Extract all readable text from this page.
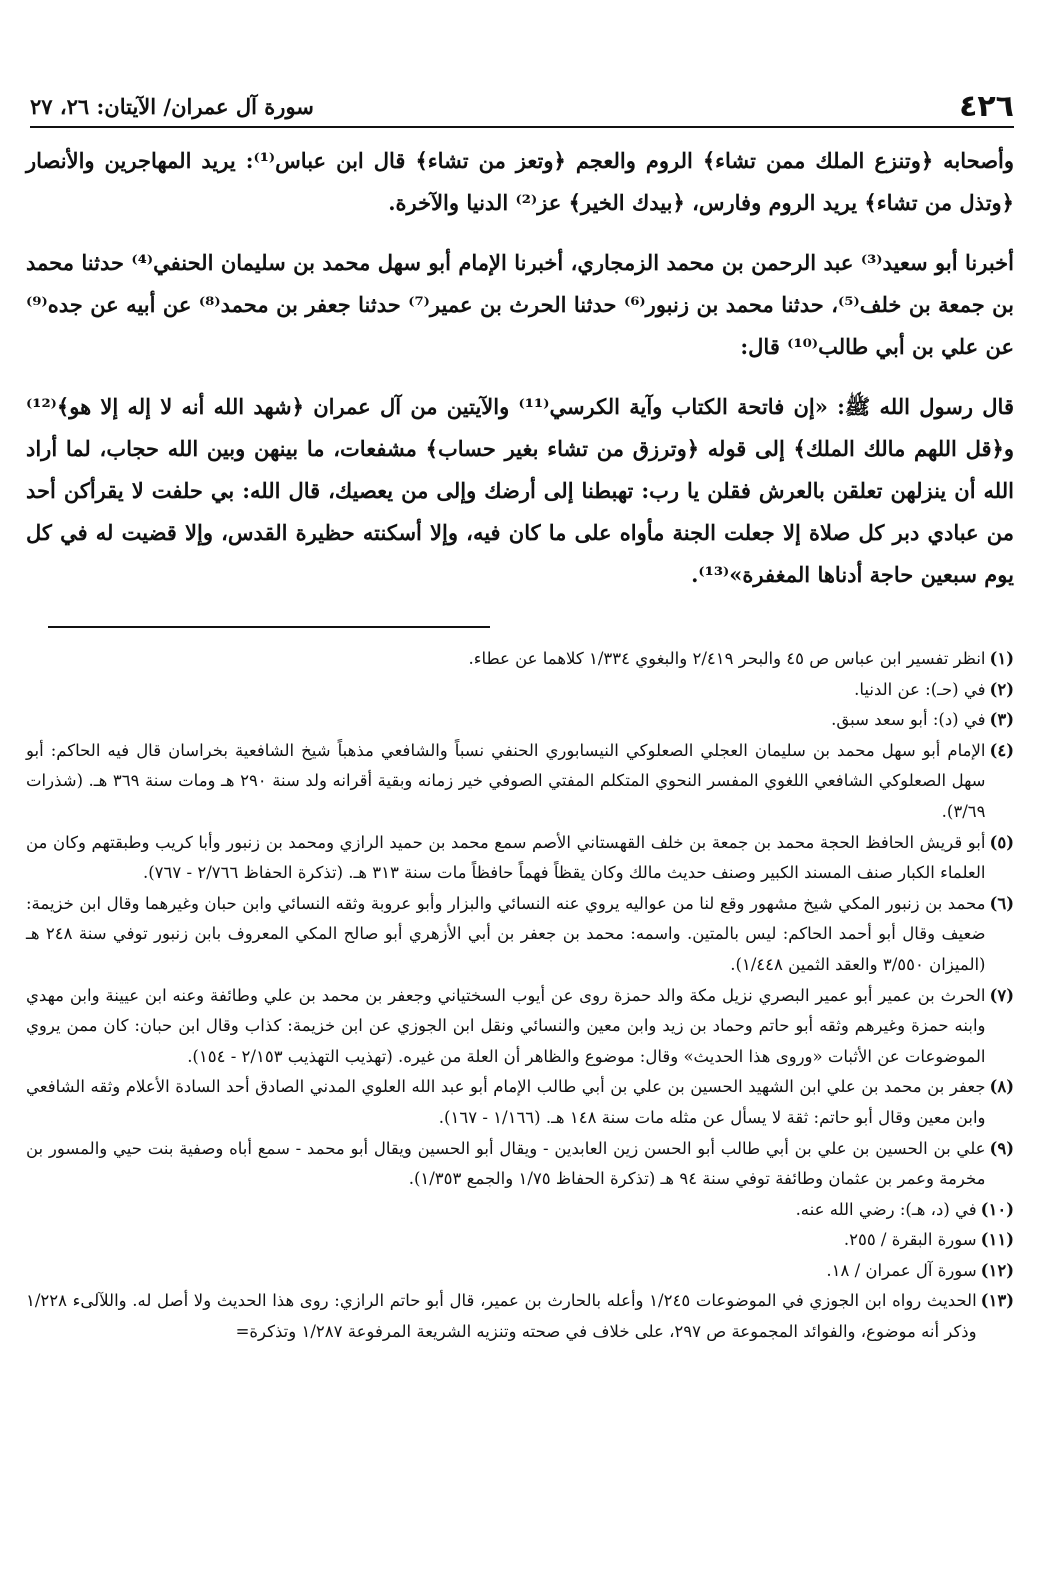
٤٢٦
سورة آل عمران/ الآيتان: ٢٦، ٢٧

وأصحابه ﴿وتنزع الملك ممن تشاء﴾ الروم والعجم ﴿وتعز من تشاء﴾ قال ابن عباس⁽¹⁾: يريد المهاجرين والأنصار ﴿وتذل من تشاء﴾ يريد الروم وفارس، ﴿بيدك الخير﴾ عز⁽²⁾ الدنيا والآخرة.

أخبرنا أبو سعيد⁽³⁾ عبد الرحمن بن محمد الزمجاري، أخبرنا الإمام أبو سهل محمد بن سليمان الحنفي⁽⁴⁾ حدثنا محمد بن جمعة بن خلف⁽⁵⁾، حدثنا محمد بن زنبور⁽⁶⁾ حدثنا الحرث بن عمير⁽⁷⁾ حدثنا جعفر بن محمد⁽⁸⁾ عن أبيه عن جده⁽⁹⁾ عن علي بن أبي طالب⁽¹⁰⁾ قال:

قال رسول الله ﷺ: «إن فاتحة الكتاب وآية الكرسي⁽¹¹⁾ والآيتين من آل عمران ﴿شهد الله أنه لا إله إلا هو﴾⁽¹²⁾ و﴿قل اللهم مالك الملك﴾ إلى قوله ﴿وترزق من تشاء بغير حساب﴾ مشفعات، ما بينهن وبين الله حجاب، لما أراد الله أن ينزلهن تعلقن بالعرش فقلن يا رب: تهبطنا إلى أرضك وإلى من يعصيك، قال الله: بي حلفت لا يقرأكن أحد من عبادي دبر كل صلاة إلا جعلت الجنة مأواه على ما كان فيه، وإلا أسكنته حظيرة القدس، وإلا قضيت له في كل يوم سبعين حاجة أدناها المغفرة»⁽¹³⁾.

(١)
انظر تفسير ابن عباس ص ٤٥ والبحر ٢/٤١٩ والبغوي ١/٣٣٤ كلاهما عن عطاء.
(٢)
في (حـ): عن الدنيا.
(٣)
في (د): أبو سعد سبق.
(٤)
الإمام أبو سهل محمد بن سليمان العجلي الصعلوكي النيسابوري الحنفي نسباً والشافعي مذهباً شيخ الشافعية بخراسان قال فيه الحاكم: أبو سهل الصعلوكي الشافعي اللغوي المفسر النحوي المتكلم المفتي الصوفي خير زمانه وبقية أقرانه ولد سنة ٢٩٠ هـ ومات سنة ٣٦٩ هـ. (شذرات ٣/٦٩).
(٥)
أبو قريش الحافظ الحجة محمد بن جمعة بن خلف القهستاني الأصم سمع محمد بن حميد الرازي ومحمد بن زنبور وأبا كريب وطبقتهم وكان من العلماء الكبار صنف المسند الكبير وصنف حديث مالك وكان يقظاً فهماً حافظاً مات سنة ٣١٣ هـ. (تذكرة الحفاظ ٢/٧٦٦ - ٧٦٧).
(٦)
محمد بن زنبور المكي شيخ مشهور وقع لنا من عواليه يروي عنه النسائي والبزار وأبو عروبة وثقه النسائي وابن حبان وغيرهما وقال ابن خزيمة: ضعيف وقال أبو أحمد الحاكم: ليس بالمتين. واسمه: محمد بن جعفر بن أبي الأزهري أبو صالح المكي المعروف بابن زنبور توفي سنة ٢٤٨ هـ (الميزان ٣/٥٥٠ والعقد الثمين ١/٤٤٨).
(٧)
الحرث بن عمير أبو عمير البصري نزيل مكة والد حمزة روى عن أيوب السختياني وجعفر بن محمد بن علي وطائفة وعنه ابن عيينة وابن مهدي وابنه حمزة وغيرهم وثقه أبو حاتم وحماد بن زيد وابن معين والنسائي ونقل ابن الجوزي عن ابن خزيمة: كذاب وقال ابن حبان: كان ممن يروي الموضوعات عن الأثبات «وروى هذا الحديث» وقال: موضوع والظاهر أن العلة من غيره. (تهذيب التهذيب ٢/١٥٣ - ١٥٤).
(٨)
جعفر بن محمد بن علي ابن الشهيد الحسين بن علي بن أبي طالب الإمام أبو عبد الله العلوي المدني الصادق أحد السادة الأعلام وثقه الشافعي وابن معين وقال أبو حاتم: ثقة لا يسأل عن مثله مات سنة ١٤٨ هـ. (١/١٦٦ - ١٦٧).
(٩)
علي بن الحسين بن علي بن أبي طالب أبو الحسن زين العابدين - ويقال أبو الحسين ويقال أبو محمد - سمع أباه وصفية بنت حيي والمسور بن مخرمة وعمر بن عثمان وطائفة توفي سنة ٩٤ هـ (تذكرة الحفاظ ١/٧٥ والجمع ١/٣٥٣).
(١٠)
في (د، هـ): رضي الله عنه.
(١١)
سورة البقرة / ٢٥٥.
(١٢)
سورة آل عمران / ١٨.
(١٣)
الحديث رواه ابن الجوزي في الموضوعات ١/٢٤٥ وأعله بالحارث بن عمير، قال أبو حاتم الرازي: روى هذا الحديث ولا أصل له. واللآلىء ١/٢٢٨ وذكر أنه موضوع، والفوائد المجموعة ص ٢٩٧، على خلاف في صحته وتنزيه الشريعة المرفوعة ١/٢٨٧ وتذكرة=
